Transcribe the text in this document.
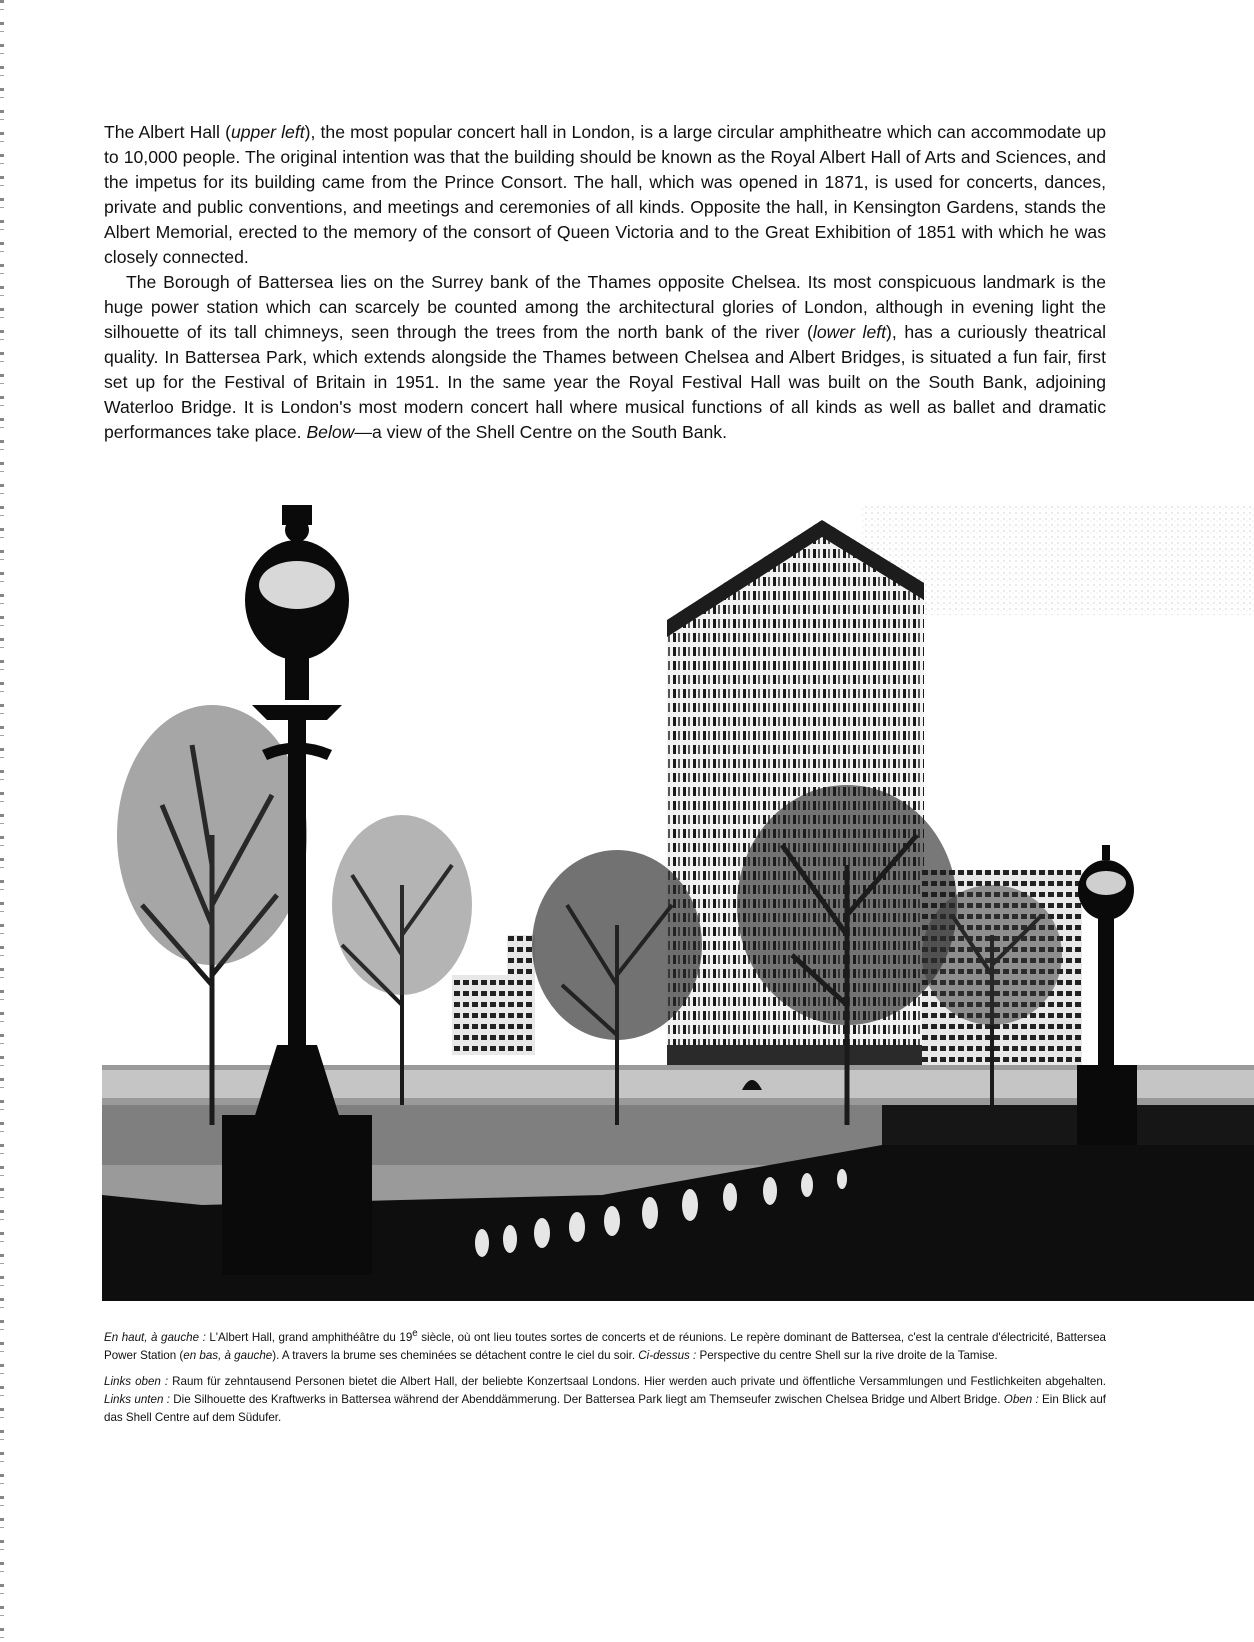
The Albert Hall (upper left), the most popular concert hall in London, is a large circular amphitheatre which can accommodate up to 10,000 people. The original intention was that the building should be known as the Royal Albert Hall of Arts and Sciences, and the impetus for its building came from the Prince Consort. The hall, which was opened in 1871, is used for concerts, dances, private and public conventions, and meetings and ceremonies of all kinds. Opposite the hall, in Kensington Gardens, stands the Albert Memorial, erected to the memory of the consort of Queen Victoria and to the Great Exhibition of 1851 with which he was closely connected.

The Borough of Battersea lies on the Surrey bank of the Thames opposite Chelsea. Its most conspicuous landmark is the huge power station which can scarcely be counted among the architectural glories of London, although in evening light the silhouette of its tall chimneys, seen through the trees from the north bank of the river (lower left), has a curiously theatrical quality. In Battersea Park, which extends alongside the Thames between Chelsea and Albert Bridges, is situated a fun fair, first set up for the Festival of Britain in 1951. In the same year the Royal Festival Hall was built on the South Bank, adjoining Waterloo Bridge. It is London's most modern concert hall where musical functions of all kinds as well as ballet and dramatic performances take place. Below—a view of the Shell Centre on the South Bank.

En haut, à gauche : L'Albert Hall, grand amphithéâtre du 19e siècle, où ont lieu toutes sortes de concerts et de réunions. Le repère dominant de Battersea, c'est la centrale d'électricité, Battersea Power Station (en bas, à gauche). A travers la brume ses cheminées se détachent contre le ciel du soir. Ci-dessus : Perspective du centre Shell sur la rive droite de la Tamise.

Links oben : Raum für zehntausend Personen bietet die Albert Hall, der beliebte Konzertsaal Londons. Hier werden auch private und öffentliche Versammlungen und Festlichkeiten abgehalten. Links unten : Die Silhouette des Kraftwerks in Battersea während der Abenddämmerung. Der Battersea Park liegt am Themseufer zwischen Chelsea Bridge und Albert Bridge. Oben : Ein Blick auf das Shell Centre auf dem Südufer.
